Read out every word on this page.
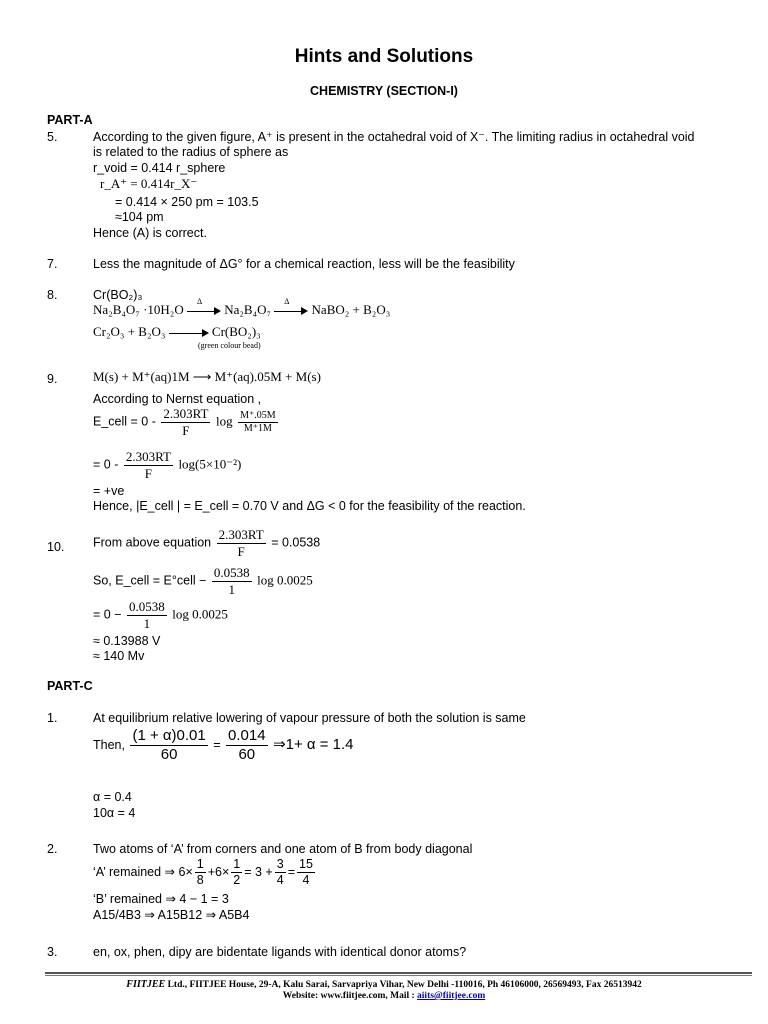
Hints and Solutions
CHEMISTRY (SECTION-I)
PART-A
5.	According to the given figure, A⁺ is present in the octahedral void of X⁻. The limiting radius in octahedral void
is related to the radius of sphere as
r_void = 0.414 r_sphere
r_A⁺ = 0.414r_X⁻
= 0.414 × 250 pm = 103.5
≈104 pm
Hence (A) is correct.
7.	Less the magnitude of ΔG° for a chemical reaction, less will be the feasibility
8.	Cr(BO₂)₃
Na₂B₄O₇ ·10H₂O
Δ
Na₂B₄O₇
Δ
NaBO₂ + B₂O₃
Cr₂O₃ + B₂O₃	Cr(BO₂)₃
(green colour bead)
9.	M(s) + M⁺(aq)1M ⟶ M⁺(aq).05M + M(s)
According to Nernst equation ,
E_cell = $0 - \frac{2.303RT}{F}$ $\log \frac{M^+.05M}{M^+1M}$
= $0 - \frac{2.303RT}{F} \log(5\times 10^{-2})$
= +ve
Hence, |E_cell | = E_cell = 0.70 V and ΔG < 0 for the feasibility of the reaction.
10. From above equation $\frac{2.303RT}{F} = 0.0538$
So, E_cell = E°cell − $\frac{0.0538}{1}$ log 0.0025
= $0 - \frac{0.0538}{1}$ log 0.0025
≈ 0.13988 V
≈ 140 Mv
PART-C
1.	At equilibrium relative lowering of vapour pressure of both the solution is same
Then, $\frac{(1 + \alpha)0.01}{60} = \frac{0.014}{60}$ ⇒1+ α = 1.4
α = 0.4
10α = 4
2.	Two atoms of ‘A’ from corners and one atom of B from body diagonal
‘A’ remained ⇒ $6\times \frac{1}{8} +6\times \frac{1}{2} = 3 + \frac{3}{4} = \frac{15}{4}$
‘B’ remained ⇒ 4 − 1 = 3
A15/4B3 ⇒ A15B12 ⇒ A5B4
3.	en, ox, phen, dipy are bidentate ligands with identical donor atoms?
FIITJEE Ltd., FIITJEE House, 29-A, Kalu Sarai, Sarvapriya Vihar, New Delhi -110016, Ph 46106000, 26569493, Fax 26513942
Website: www.fiitjee.com, Mail : aiits@fiitjee.com
